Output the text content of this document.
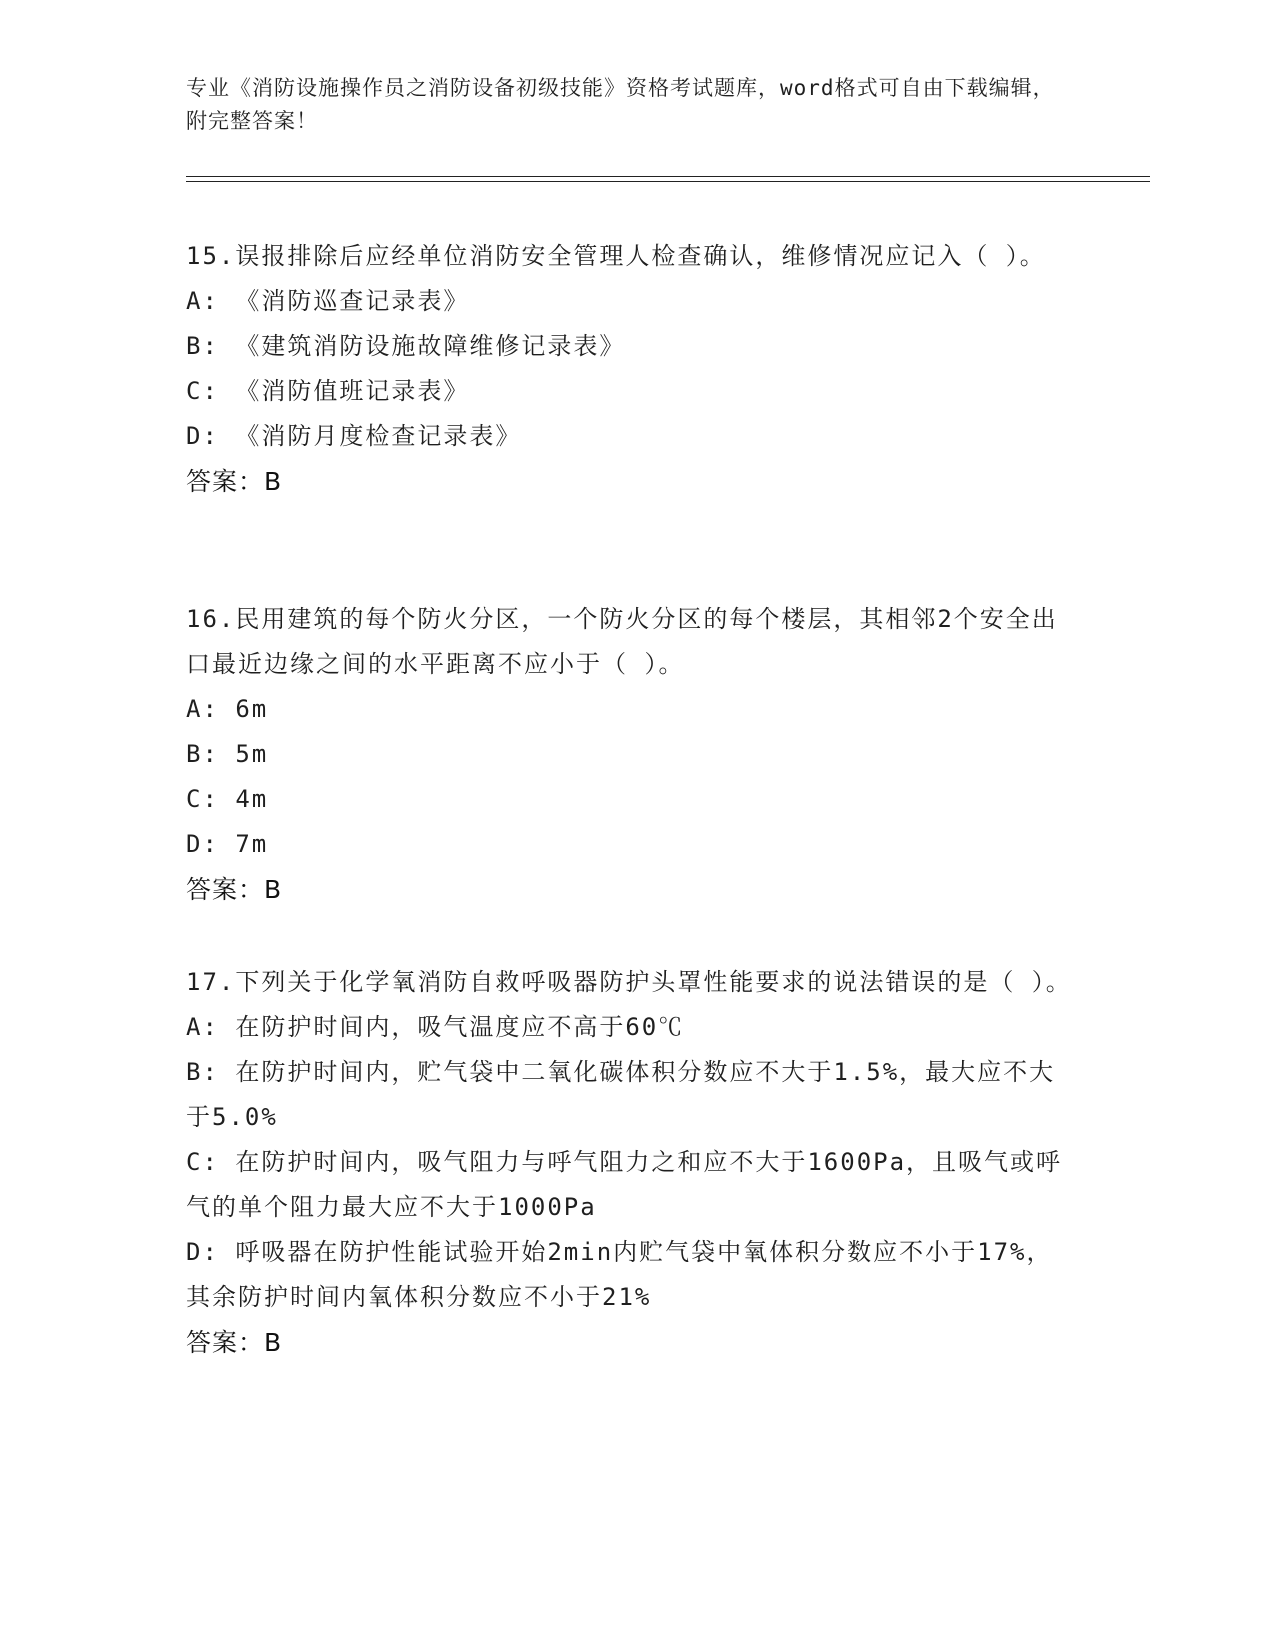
专业《消防设施操作员之消防设备初级技能》资格考试题库，word格式可自由下载编辑，附完整答案！

15.误报排除后应经单位消防安全管理人检查确认，维修情况应记入（ ）。

A: 《消防巡查记录表》

B: 《建筑消防设施故障维修记录表》

C: 《消防值班记录表》

D: 《消防月度检查记录表》

答案：B

16.民用建筑的每个防火分区，一个防火分区的每个楼层，其相邻2个安全出口最近边缘之间的水平距离不应小于（ ）。

A: 6m

B: 5m

C: 4m

D: 7m

答案：B

17.下列关于化学氧消防自救呼吸器防护头罩性能要求的说法错误的是（ ）。

A: 在防护时间内，吸气温度应不高于60℃

B: 在防护时间内，贮气袋中二氧化碳体积分数应不大于1.5%，最大应不大于5.0%

C: 在防护时间内，吸气阻力与呼气阻力之和应不大于1600Pa，且吸气或呼气的单个阻力最大应不大于1000Pa

D: 呼吸器在防护性能试验开始2min内贮气袋中氧体积分数应不小于17%，其余防护时间内氧体积分数应不小于21%

答案：B
